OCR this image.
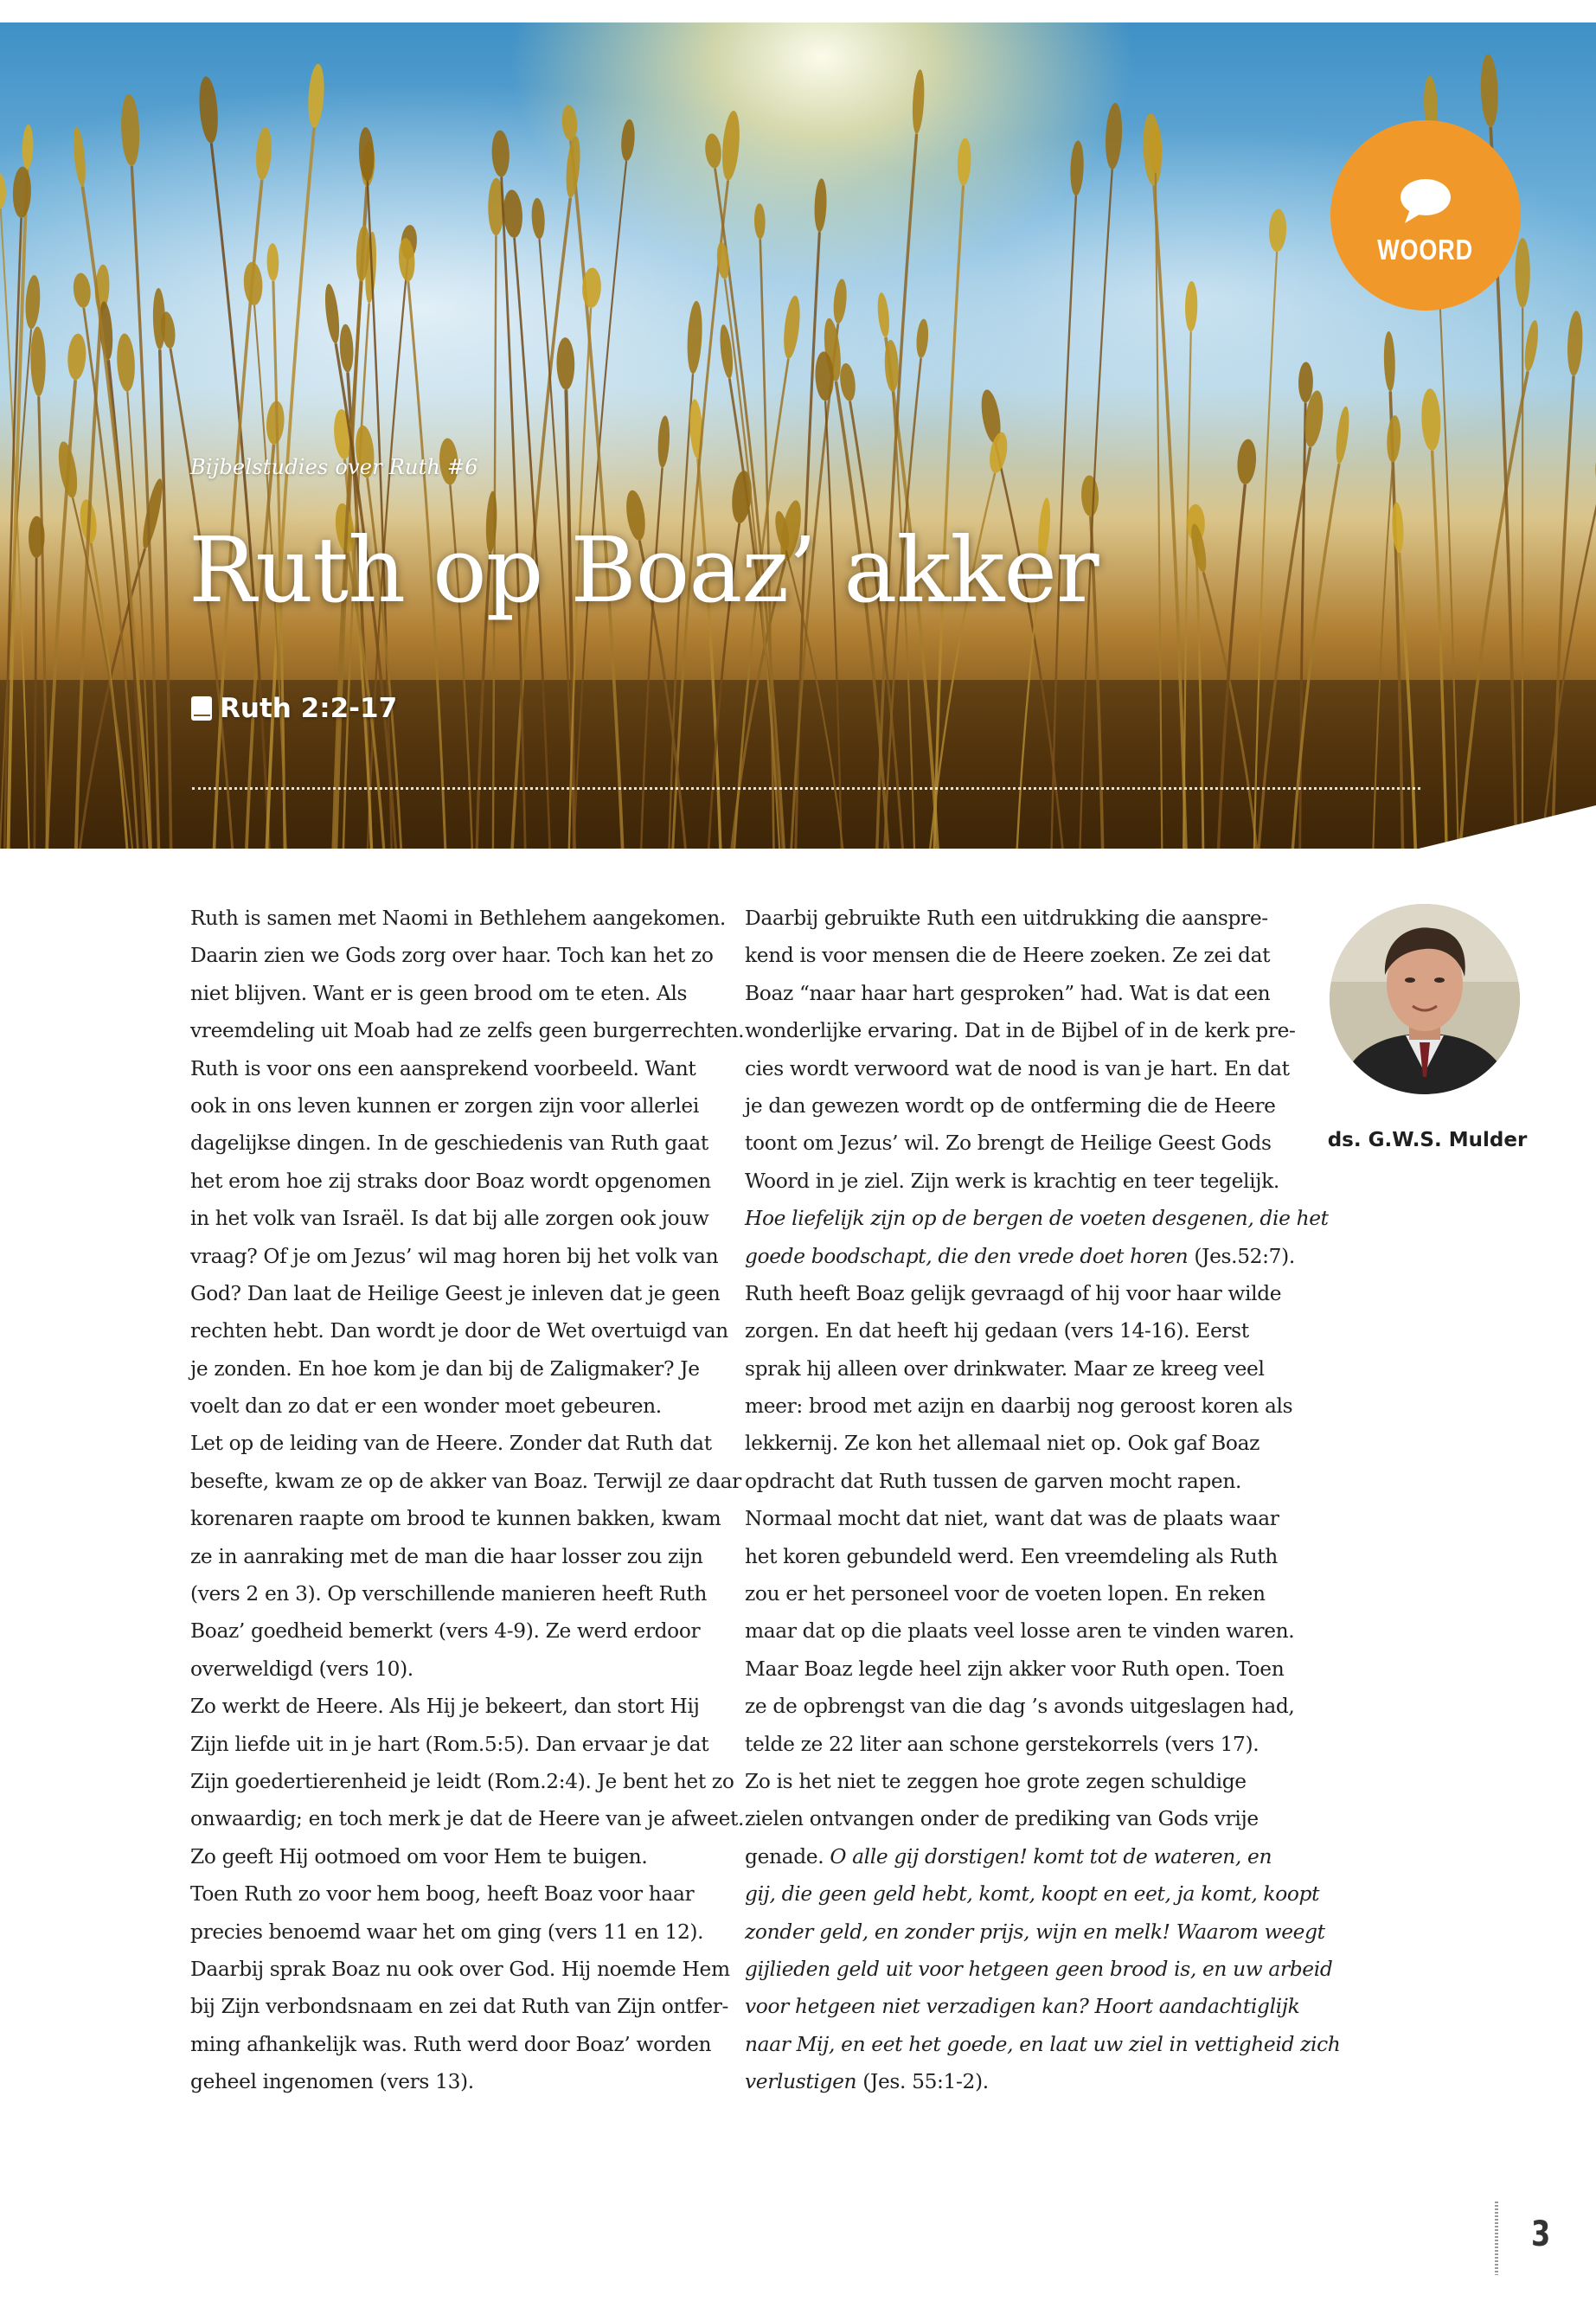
WOORD
Bijbelstudies over Ruth #6
Ruth op Boaz’ akker
Ruth 2:2-17
Ruth is samen met Naomi in Bethlehem aangekomen.
Daarin zien we Gods zorg over haar. Toch kan het zo
niet blijven. Want er is geen brood om te eten. Als
vreemdeling uit Moab had ze zelfs geen burgerrechten.
Ruth is voor ons een aansprekend voorbeeld. Want
ook in ons leven kunnen er zorgen zijn voor allerlei
dagelijkse dingen. In de geschiedenis van Ruth gaat
het erom hoe zij straks door Boaz wordt opgenomen
in het volk van Israël. Is dat bij alle zorgen ook jouw
vraag? Of je om Jezus’ wil mag horen bij het volk van
God? Dan laat de Heilige Geest je inleven dat je geen
rechten hebt. Dan wordt je door de Wet overtuigd van
je zonden. En hoe kom je dan bij de Zaligmaker? Je
voelt dan zo dat er een wonder moet gebeuren.
Let op de leiding van de Heere. Zonder dat Ruth dat
besefte, kwam ze op de akker van Boaz. Terwijl ze daar
korenaren raapte om brood te kunnen bakken, kwam
ze in aanraking met de man die haar losser zou zijn
(vers 2 en 3). Op verschillende manieren heeft Ruth
Boaz’ goedheid bemerkt (vers 4-9). Ze werd erdoor
overweldigd (vers 10).
Zo werkt de Heere. Als Hij je bekeert, dan stort Hij
Zijn liefde uit in je hart (Rom.5:5). Dan ervaar je dat
Zijn goedertierenheid je leidt (Rom.2:4). Je bent het zo
onwaardig; en toch merk je dat de Heere van je afweet.
Zo geeft Hij ootmoed om voor Hem te buigen.
Toen Ruth zo voor hem boog, heeft Boaz voor haar
precies benoemd waar het om ging (vers 11 en 12).
Daarbij sprak Boaz nu ook over God. Hij noemde Hem
bij Zijn verbondsnaam en zei dat Ruth van Zijn ontfer-
ming afhankelijk was. Ruth werd door Boaz’ worden
geheel ingenomen (vers 13).
Daarbij gebruikte Ruth een uitdrukking die aanspre-
kend is voor mensen die de Heere zoeken. Ze zei dat
Boaz “naar haar hart gesproken” had. Wat is dat een
wonderlijke ervaring. Dat in de Bijbel of in de kerk pre-
cies wordt verwoord wat de nood is van je hart. En dat
je dan gewezen wordt op de ontferming die de Heere
toont om Jezus’ wil. Zo brengt de Heilige Geest Gods
Woord in je ziel. Zijn werk is krachtig en teer tegelijk.
Hoe liefelijk zijn op de bergen de voeten desgenen, die het
goede boodschapt, die den vrede doet horen (Jes.52:7).
Ruth heeft Boaz gelijk gevraagd of hij voor haar wilde
zorgen. En dat heeft hij gedaan (vers 14-16). Eerst
sprak hij alleen over drinkwater. Maar ze kreeg veel
meer: brood met azijn en daarbij nog geroost koren als
lekkernij. Ze kon het allemaal niet op. Ook gaf Boaz
opdracht dat Ruth tussen de garven mocht rapen.
Normaal mocht dat niet, want dat was de plaats waar
het koren gebundeld werd. Een vreemdeling als Ruth
zou er het personeel voor de voeten lopen. En reken
maar dat op die plaats veel losse aren te vinden waren.
Maar Boaz legde heel zijn akker voor Ruth open. Toen
ze de opbrengst van die dag ’s avonds uitgeslagen had,
telde ze 22 liter aan schone gerstekorrels (vers 17).
Zo is het niet te zeggen hoe grote zegen schuldige
zielen ontvangen onder de prediking van Gods vrije
genade. O alle gij dorstigen! komt tot de wateren, en
gij, die geen geld hebt, komt, koopt en eet, ja komt, koopt
zonder geld, en zonder prijs, wijn en melk! Waarom weegt
gijlieden geld uit voor hetgeen geen brood is, en uw arbeid
voor hetgeen niet verzadigen kan? Hoort aandachtiglijk
naar Mij, en eet het goede, en laat uw ziel in vettigheid zich
verlustigen (Jes. 55:1-2).
ds. G.W.S. Mulder
3
